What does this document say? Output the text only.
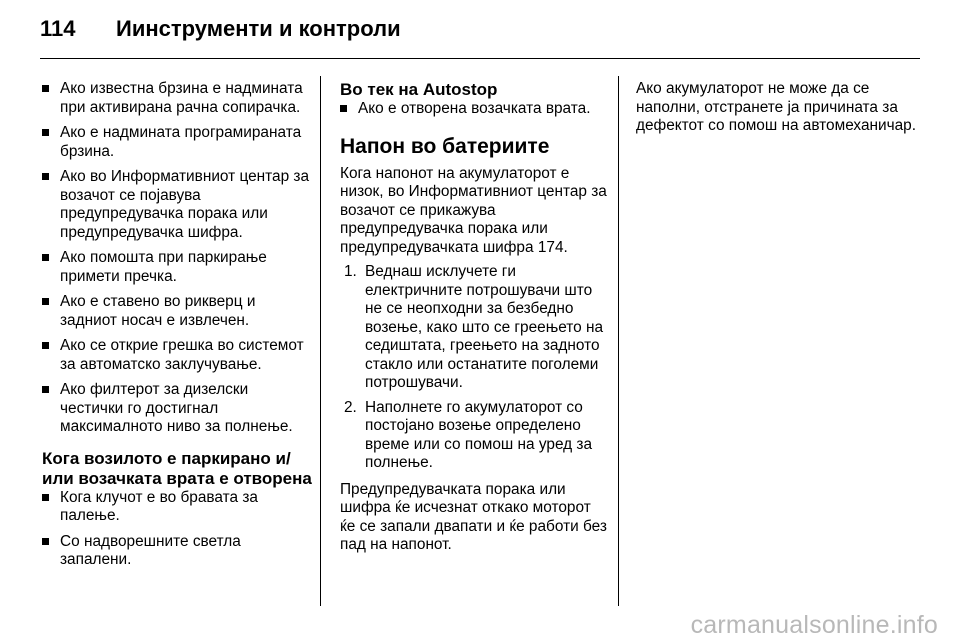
114 Иинструменти и контроли
Ако известна брзина е надмината при активирана рачна сопирачка.
Ако е надмината програмираната брзина.
Ако во Информативниот центар за возачот се појавува предупредувачка порака или предупредувачка шифра.
Ако помошта при паркирање примети пречка.
Ако е ставено во рикверц и задниот носач е извлечен.
Ако се открие грешка во системот за автоматско заклучување.
Ако филтерот за дизелски честички го достигнал максималното ниво за полнење.
Кога возилото е паркирано и/или возачката врата е отворена
Кога клучот е во бравата за палење.
Со надворешните светла запалени.
Во тек на Autostop
Ако е отворена возачката врата.
Напон во батериите

Кога напонот на акумулаторот е низок, во Информативниот центар за возачот се прикажува предупредувачка порака или предупредувачката шифра 174.

1. Веднаш исклучете ги електричните потрошувачи што не се неопходни за безбедно возење, како што се греењето на седиштата, греењето на задното стакло или останатите поголеми потрошувачи.
2. Наполнете го акумулаторот со постојано возење определено време или со помош на уред за полнење.

Предупредувачката порака или шифра ќе исчезнат откако моторот ќе се запали двапати и ќе работи без пад на напонот.

Ако акумулаторот не може да се наполни, отстранете ја причината за дефектот со помош на автомеханичар.

carmanualsonline.info
